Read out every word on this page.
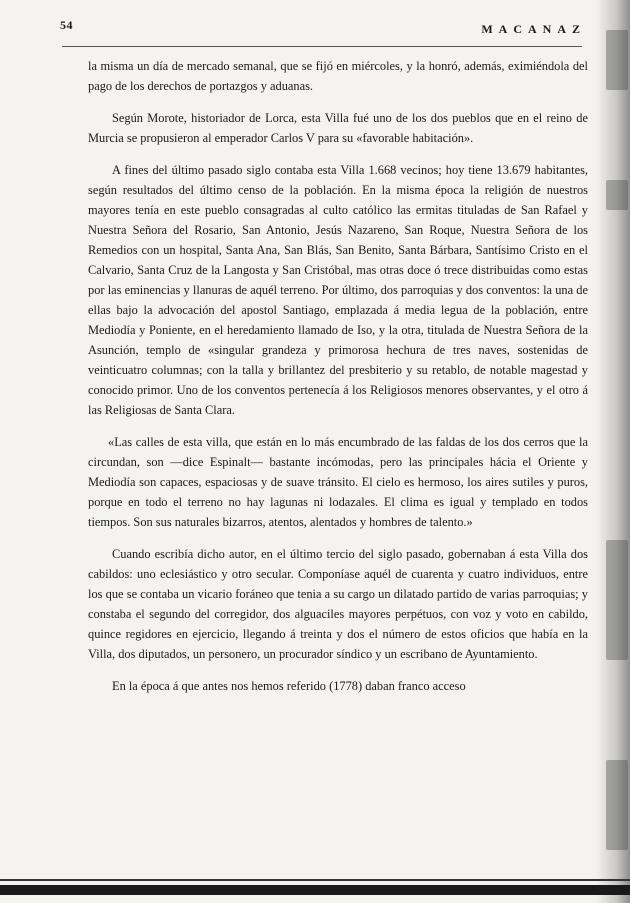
54	MACANAZ

la misma un día de mercado semanal, que se fijó en miércoles, y la honró, además, eximiéndola del pago de los derechos de portazgos y aduanas.

Según Morote, historiador de Lorca, esta Villa fué uno de los dos pueblos que en el reino de Murcia se propusieron al emperador Carlos V para su «favorable habitación».

A fines del último pasado siglo contaba esta Villa 1.668 vecinos; hoy tiene 13.679 habitantes, según resultados del último censo de la población. En la misma época la religión de nuestros mayores tenía en este pueblo consagradas al culto católico las ermitas tituladas de San Rafael y Nuestra Señora del Rosario, San Antonio, Jesús Nazareno, San Roque, Nuestra Señora de los Remedios con un hospital, Santa Ana, San Blás, San Benito, Santa Bárbara, Santísimo Cristo en el Calvario, Santa Cruz de la Langosta y San Cristóbal, mas otras doce ó trece distribuidas como estas por las eminencias y llanuras de aquél terreno. Por último, dos parroquias y dos conventos: la una de ellas bajo la advocación del apostol Santiago, emplazada á media legua de la población, entre Mediodía y Poniente, en el heredamiento llamado de Iso, y la otra, titulada de Nuestra Señora de la Asunción, templo de «singular grandeza y primorosa hechura de tres naves, sostenidas de veinticuatro columnas; con la talla y brillantez del presbiterio y su retablo, de notable magestad y conocido primor. Uno de los conventos pertenecía á los Religiosos menores observantes, y el otro á las Religiosas de Santa Clara.

«Las calles de esta villa, que están en lo más encumbrado de las faldas de los dos cerros que la circundan, son —dice Espinalt— bastante incómodas, pero las principales hácia el Oriente y Mediodía son capaces, espaciosas y de suave tránsito. El cielo es hermoso, los aires sutiles y puros, porque en todo el terreno no hay lagunas ni lodazales. El clima es igual y templado en todos tiempos. Son sus naturales bizarros, atentos, alentados y hombres de talento.»

Cuando escribía dicho autor, en el último tercio del siglo pasado, gobernaban á esta Villa dos cabildos: uno eclesiástico y otro secular. Componíase aquél de cuarenta y cuatro individuos, entre los que se contaba un vicario foráneo que tenia a su cargo un dilatado partido de varias parroquias; y constaba el segundo del corregidor, dos alguaciles mayores perpétuos, con voz y voto en cabildo, quince regidores en ejercicio, llegando á treinta y dos el número de estos oficios que había en la Villa, dos diputados, un personero, un procurador síndico y un escribano de Ayuntamiento.

En la época á que antes nos hemos referido (1778) daban franco acceso
